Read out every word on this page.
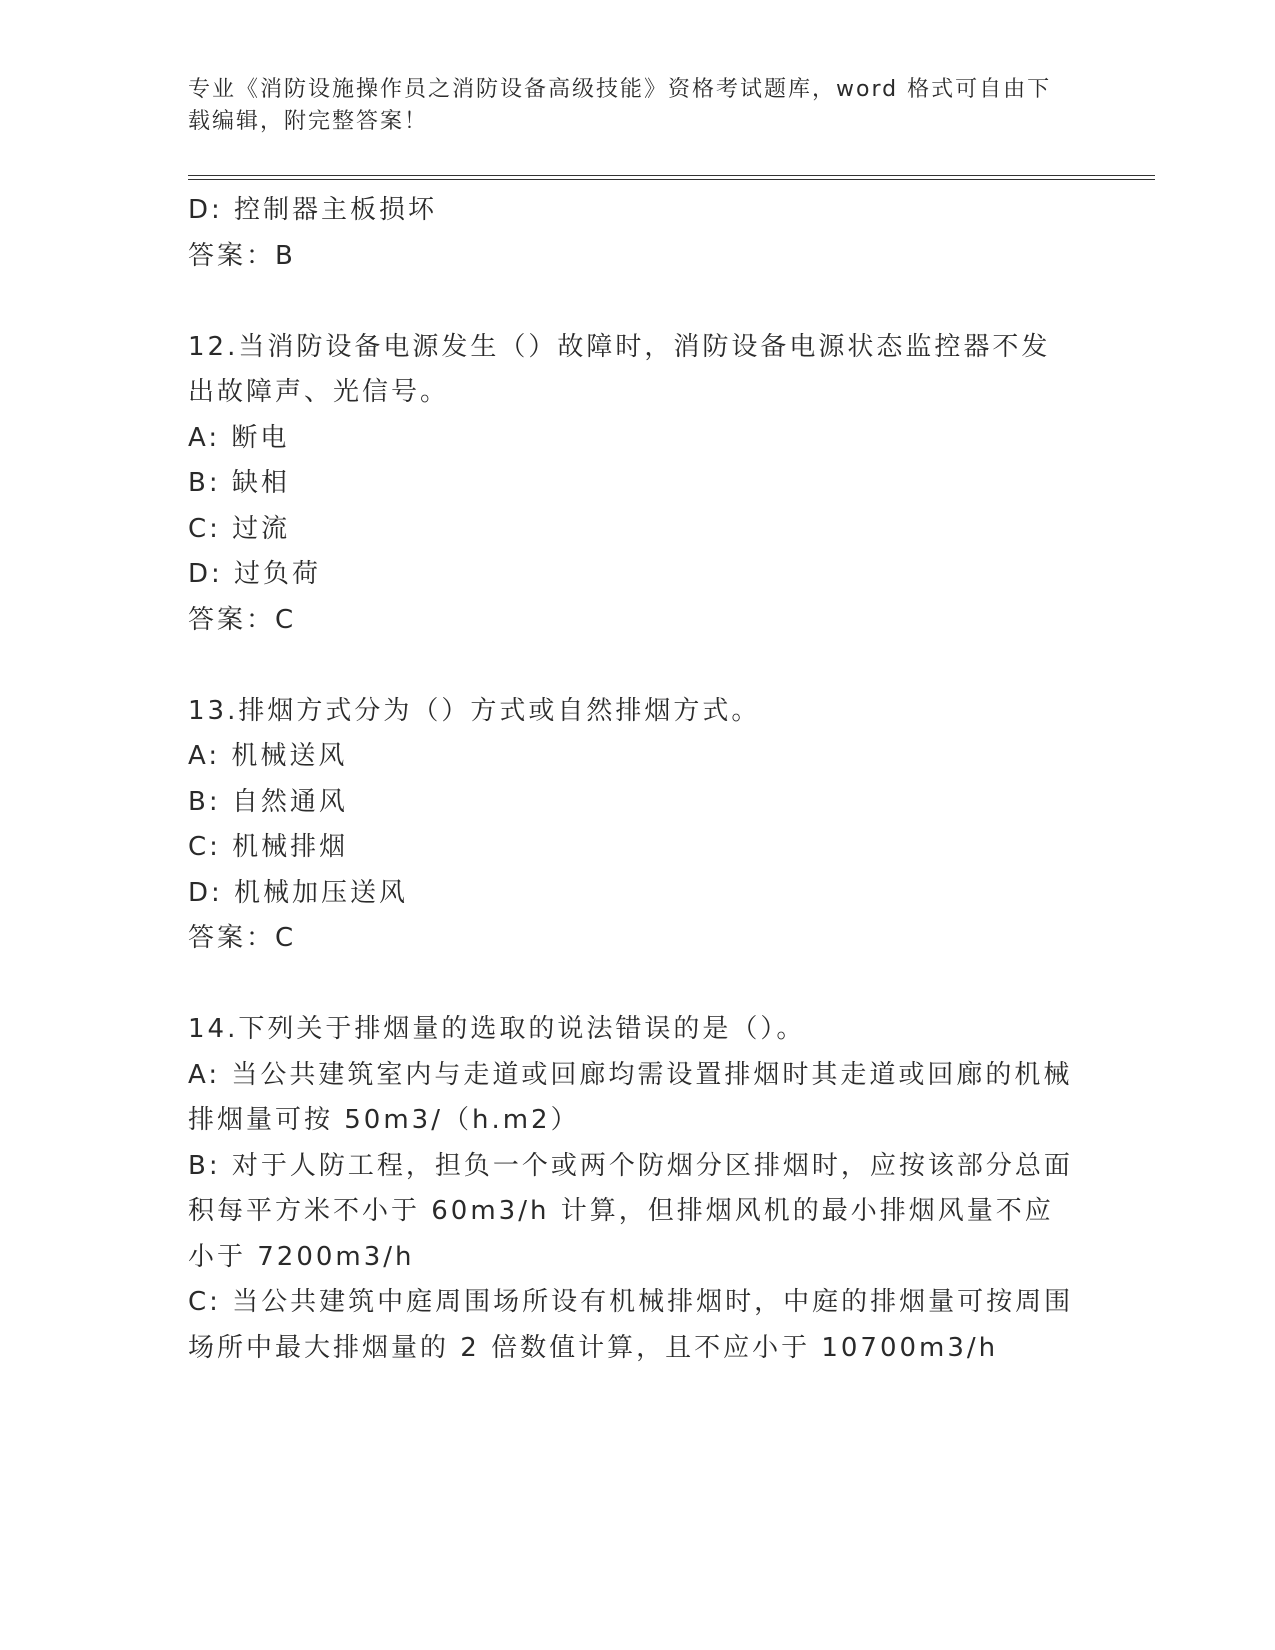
专业《消防设施操作员之消防设备高级技能》资格考试题库，word 格式可自由下
载编辑，附完整答案！

D: 控制器主板损坏

答案：B

12.当消防设备电源发生（）故障时，消防设备电源状态监控器不发出故障声、光信号。

A: 断电

B: 缺相

C: 过流

D: 过负荷

答案：C

13.排烟方式分为（）方式或自然排烟方式。

A: 机械送风

B: 自然通风

C: 机械排烟

D: 机械加压送风

答案：C

14.下列关于排烟量的选取的说法错误的是（）。

A: 当公共建筑室内与走道或回廊均需设置排烟时其走道或回廊的机械排烟量可按 50m3/（h.m2）

B: 对于人防工程，担负一个或两个防烟分区排烟时，应按该部分总面积每平方米不小于 60m3/h 计算，但排烟风机的最小排烟风量不应小于 7200m3/h

C: 当公共建筑中庭周围场所设有机械排烟时，中庭的排烟量可按周围场所中最大排烟量的 2 倍数值计算，且不应小于 10700m3/h
